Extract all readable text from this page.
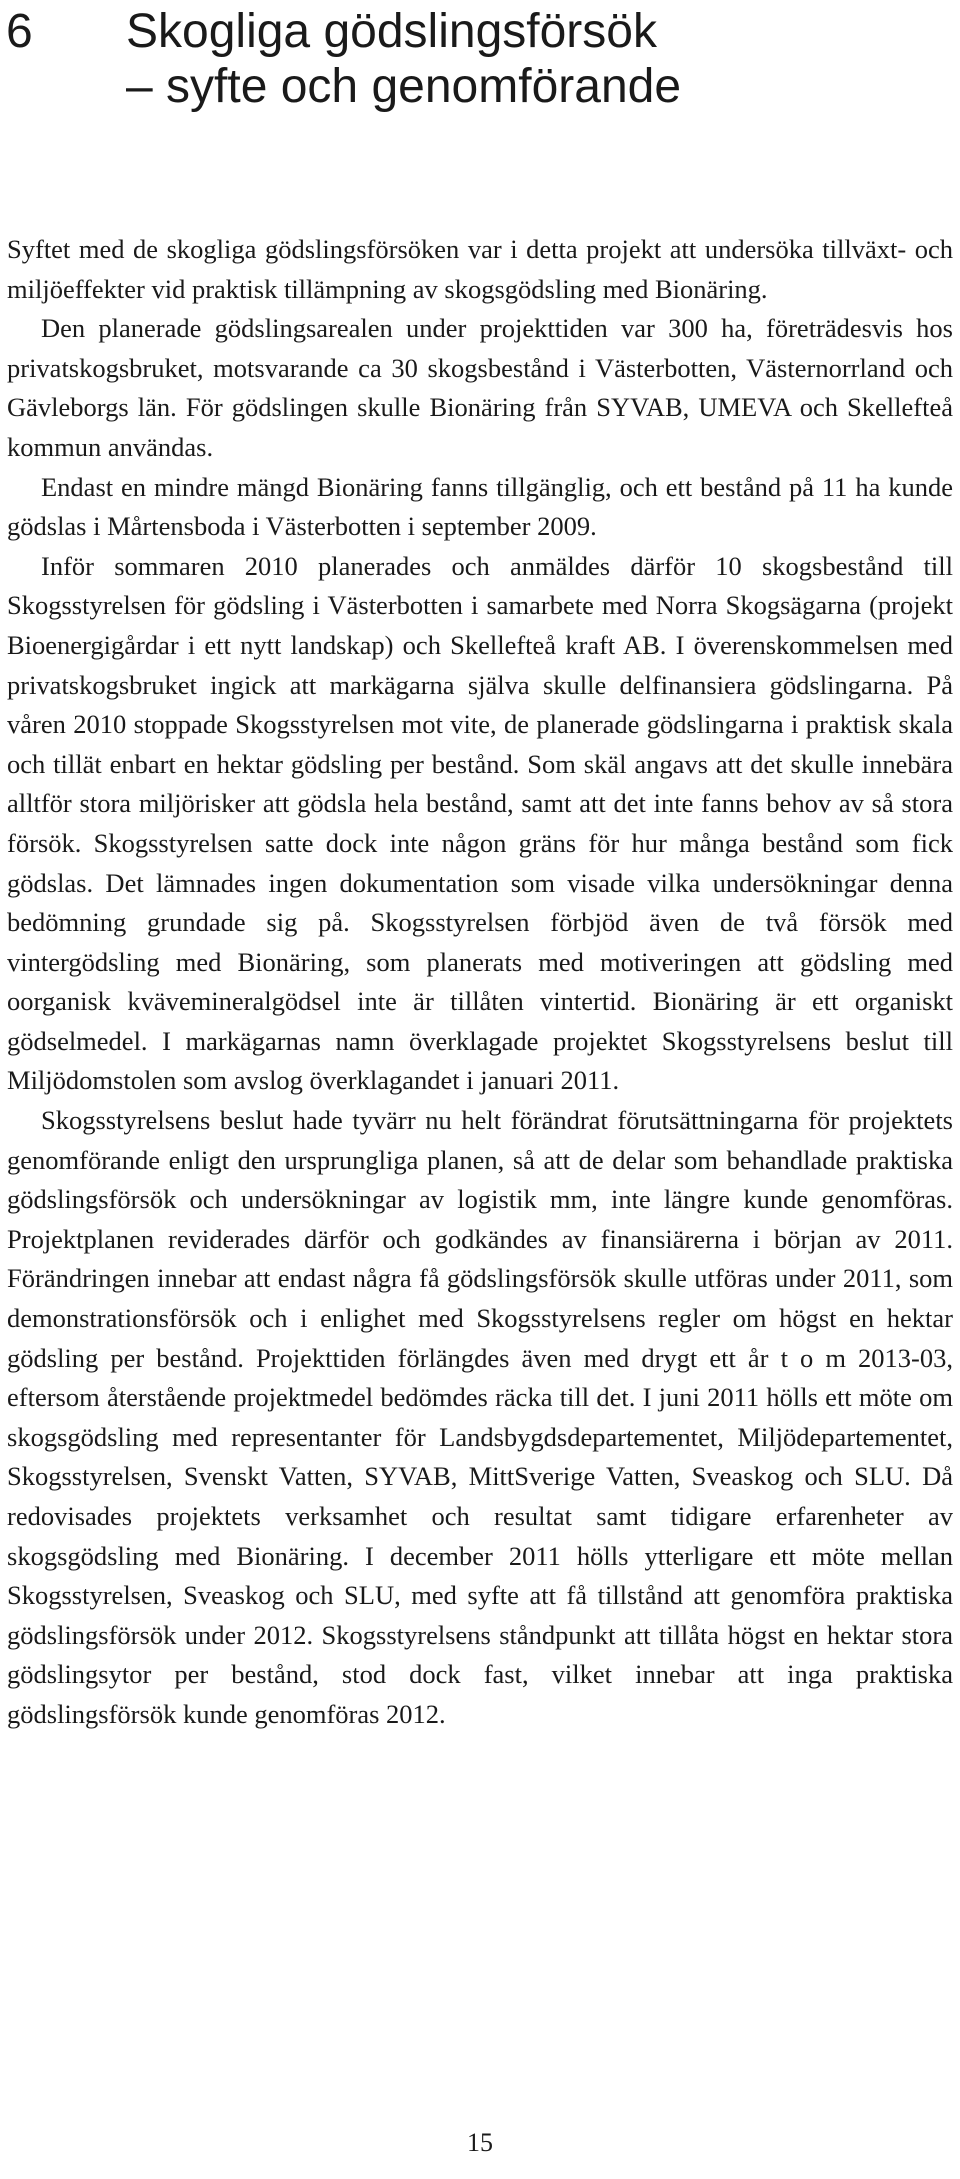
6 Skogliga gödslingsförsök
– syfte och genomförande

Syftet med de skogliga gödslingsförsöken var i detta projekt att undersöka tillväxt- och miljöeffekter vid praktisk tillämpning av skogsgödsling med Bionäring.

Den planerade gödslingsarealen under projekttiden var 300 ha, företrädesvis hos privatskogsbruket, motsvarande ca 30 skogsbestånd i Västerbotten, Västernorrland och Gävleborgs län. För gödslingen skulle Bionäring från SYVAB, UMEVA och Skellefteå kommun användas.

Endast en mindre mängd Bionäring fanns tillgänglig, och ett bestånd på 11 ha kunde gödslas i Mårtensboda i Västerbotten i september 2009.

Inför sommaren 2010 planerades och anmäldes därför 10 skogsbestånd till Skogsstyrelsen för gödsling i Västerbotten i samarbete med Norra Skogsägarna (projekt Bioenergigårdar i ett nytt landskap) och Skellefteå kraft AB. I överenskommelsen med privatskogsbruket ingick att markägarna själva skulle delfinansiera gödslingarna. På våren 2010 stoppade Skogsstyrelsen mot vite, de planerade gödslingarna i praktisk skala och tillät enbart en hektar gödsling per bestånd. Som skäl angavs att det skulle innebära alltför stora miljörisker att gödsla hela bestånd, samt att det inte fanns behov av så stora försök. Skogsstyrelsen satte dock inte någon gräns för hur många bestånd som fick gödslas. Det lämnades ingen dokumentation som visade vilka undersökningar denna bedömning grundade sig på. Skogsstyrelsen förbjöd även de två försök med vintergödsling med Bionäring, som planerats med motiveringen att gödsling med oorganisk kvävemineralgödsel inte är tillåten vintertid. Bionäring är ett organiskt gödselmedel. I markägarnas namn överklagade projektet Skogsstyrelsens beslut till Miljödomstolen som avslog överklagandet i januari 2011.

Skogsstyrelsens beslut hade tyvärr nu helt förändrat förutsättningarna för projektets genomförande enligt den ursprungliga planen, så att de delar som behandlade praktiska gödslingsförsök och undersökningar av logistik mm, inte längre kunde genomföras. Projektplanen reviderades därför och godkändes av finansiärerna i början av 2011. Förändringen innebar att endast några få gödslingsförsök skulle utföras under 2011, som demonstrationsförsök och i enlighet med Skogsstyrelsens regler om högst en hektar gödsling per bestånd. Projekttiden förlängdes även med drygt ett år t o m 2013-03, eftersom återstående projektmedel bedömdes räcka till det. I juni 2011 hölls ett möte om skogsgödsling med representanter för Landsbygdsdepartementet, Miljödepartementet, Skogsstyrelsen, Svenskt Vatten, SYVAB, MittSverige Vatten, Sveaskog och SLU. Då redovisades projektets verksamhet och resultat samt tidigare erfarenheter av skogsgödsling med Bionäring. I december 2011 hölls ytterligare ett möte mellan Skogsstyrelsen, Sveaskog och SLU, med syfte att få tillstånd att genomföra praktiska gödslingsförsök under 2012. Skogsstyrelsens ståndpunkt att tillåta högst en hektar stora gödslingsytor per bestånd, stod dock fast, vilket innebar att inga praktiska gödslingsförsök kunde genomföras 2012.

15
